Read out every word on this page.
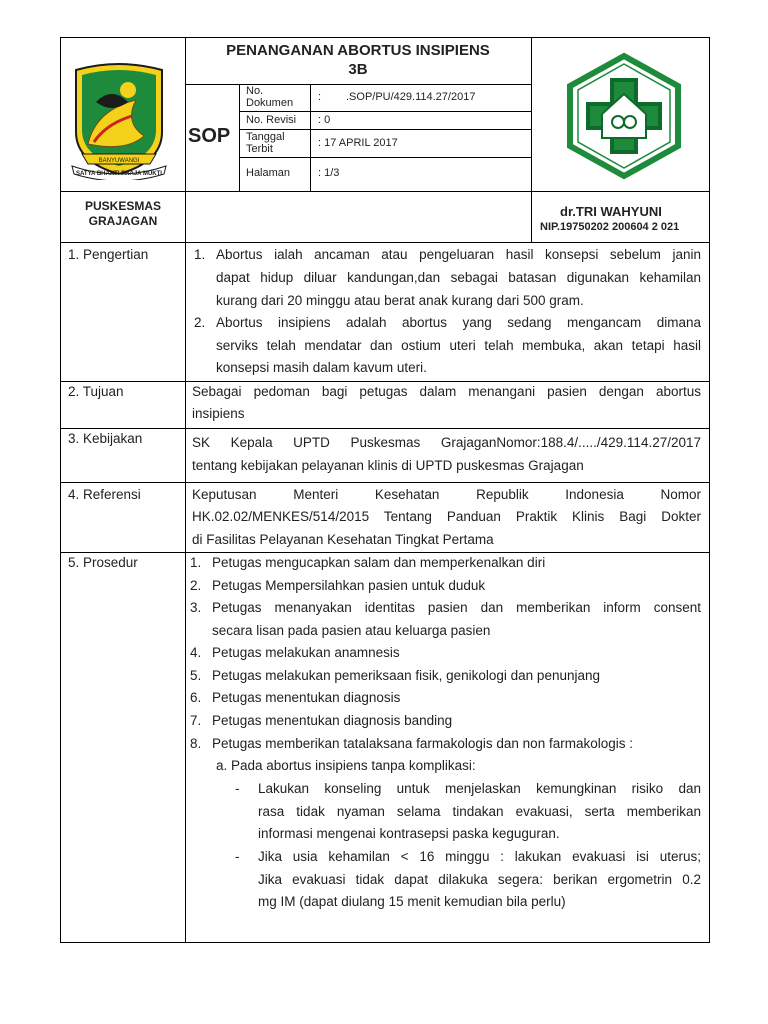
BANYUWANGI
SATYA BHAKTI PRAJA MUKTI
PENANGANAN ABORTUS INSIPIENS
3B
SOP
No.
Dokumen : .SOP/PU/429.114.27/2017
No. Revisi : 0
Tanggal
Terbit	: 17 APRIL 2017
Halaman	: 1/3
PUSKESMAS
GRAJAGAN
dr.TRI WAHYUNI
NIP.19750202 200604 2 021
1. Pengertian	1. Abortus ialah ancaman atau pengeluaran hasil konsepsi sebelum janin
dapat hidup diluar kandungan,dan sebagai batasan digunakan kehamilan
kurang dari 20 minggu atau berat anak kurang dari 500 gram.
2. Abortus insipiens adalah abortus yang sedang mengancam dimana
serviks telah mendatar dan ostium uteri telah membuka, akan tetapi hasil
konsepsi masih dalam kavum uteri.
2. Tujuan	Sebagai pedoman bagi petugas dalam menangani pasien dengan abortus
insipiens
3. Kebijakan	SK Kepala UPTD Puskesmas GrajaganNomor:188.4/...../429.114.27/2017
tentang kebijakan pelayanan klinis di UPTD puskesmas Grajagan
4. Referensi	Keputusan Menteri Kesehatan Republik Indonesia Nomor
HK.02.02/MENKES/514/2015 Tentang Panduan Praktik Klinis Bagi Dokter
di Fasilitas Pelayanan Kesehatan Tingkat Pertama
5. Prosedur	1. Petugas mengucapkan salam dan memperkenalkan diri
2. Petugas Mempersilahkan pasien untuk duduk
3. Petugas menanyakan identitas pasien dan memberikan inform consent
secara lisan pada pasien atau keluarga pasien
4. Petugas melakukan anamnesis
5. Petugas melakukan pemeriksaan fisik, genikologi dan penunjang
6. Petugas menentukan diagnosis
7. Petugas menentukan diagnosis banding
8. Petugas memberikan tatalaksana farmakologis dan non farmakologis :
a. Pada abortus insipiens tanpa komplikasi:
- Lakukan konseling untuk menjelaskan kemungkinan risiko dan
rasa tidak nyaman selama tindakan evakuasi, serta memberikan
informasi mengenai kontrasepsi paska keguguran.
- Jika usia kehamilan < 16 minggu : lakukan evakuasi isi uterus;
Jika evakuasi tidak dapat dilakuka segera: berikan ergometrin 0.2
mg IM (dapat diulang 15 menit kemudian bila perlu)
